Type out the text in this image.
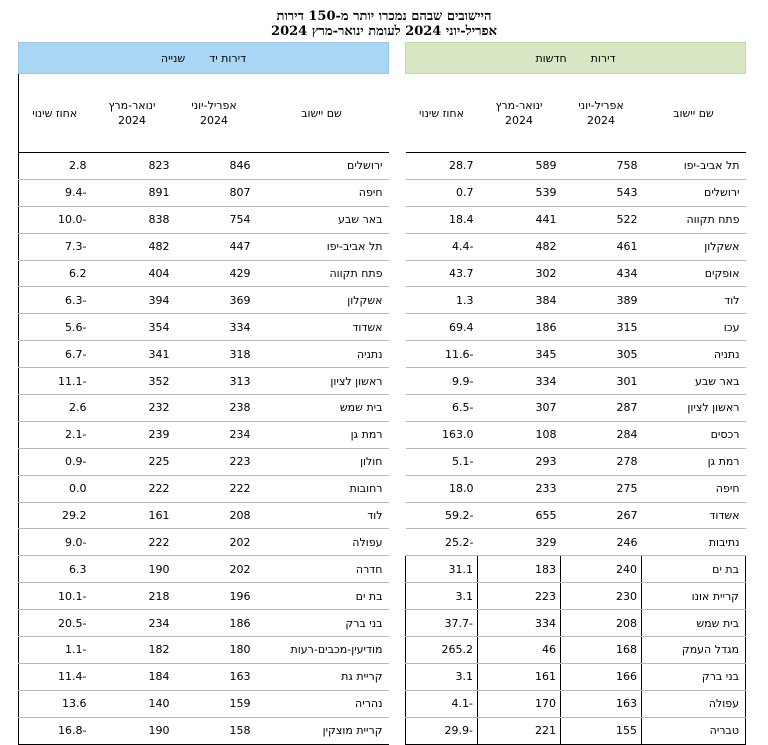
היישובים שבהם נמכרו יותר מ-150 דירות
אפריל-יוני 2024 לעומת ינואר-מרץ 2024
דירות יד
שנייה			

אחוז שינוי	ינואר-מרץ 2024	אפריל-יוני 2024	שם יישוב
2.8	823	846	ירושלים
9.4-	891	807	חיפה
10.0-	838	754	באר שבע
7.3-	482	447	תל אביב-יפו
6.2	404	429	פתח תקווה
6.3-	394	369	אשקלון
5.6-	354	334	אשדוד
6.7-	341	318	נתניה
11.1-	352	313	ראשון לציון
2.6	232	238	בית שמש
2.1-	239	234	רמת גן
0.9-	225	223	חולון
0.0	222	222	רחובות
29.2	161	208	לוד
9.0-	222	202	עפולה
6.3	190	202	חדרה
10.1-	218	196	בת ים
20.5-	234	186	בני ברק
1.1-	182	180	מודיעין-מכבים-רעות
11.4-	184	163	קריית גת
13.6	140	159	נהריה
16.8-	190	158	קריית מוצקין
דירות
חדשות			

אחוז שינוי	ינואר-מרץ 2024	אפריל-יוני 2024	שם יישוב
28.7	589	758	תל אביב-יפו
0.7	539	543	ירושלים
18.4	441	522	פתח תקווה
4.4-	482	461	אשקלון
43.7	302	434	אופקים
1.3	384	389	לוד
69.4	186	315	עכו
11.6-	345	305	נתניה
9.9-	334	301	באר שבע
6.5-	307	287	ראשון לציון
163.0	108	284	רכסים
5.1-	293	278	רמת גן
18.0	233	275	חיפה
59.2-	655	267	אשדוד
25.2-	329	246	נתיבות
31.1	183	240	בת ים
3.1	223	230	קריית אונו
37.7-	334	208	בית שמש
265.2	46	168	מגדל העמק
3.1	161	166	בני ברק
4.1-	170	163	עפולה
29.9-	221	155	טבריה
